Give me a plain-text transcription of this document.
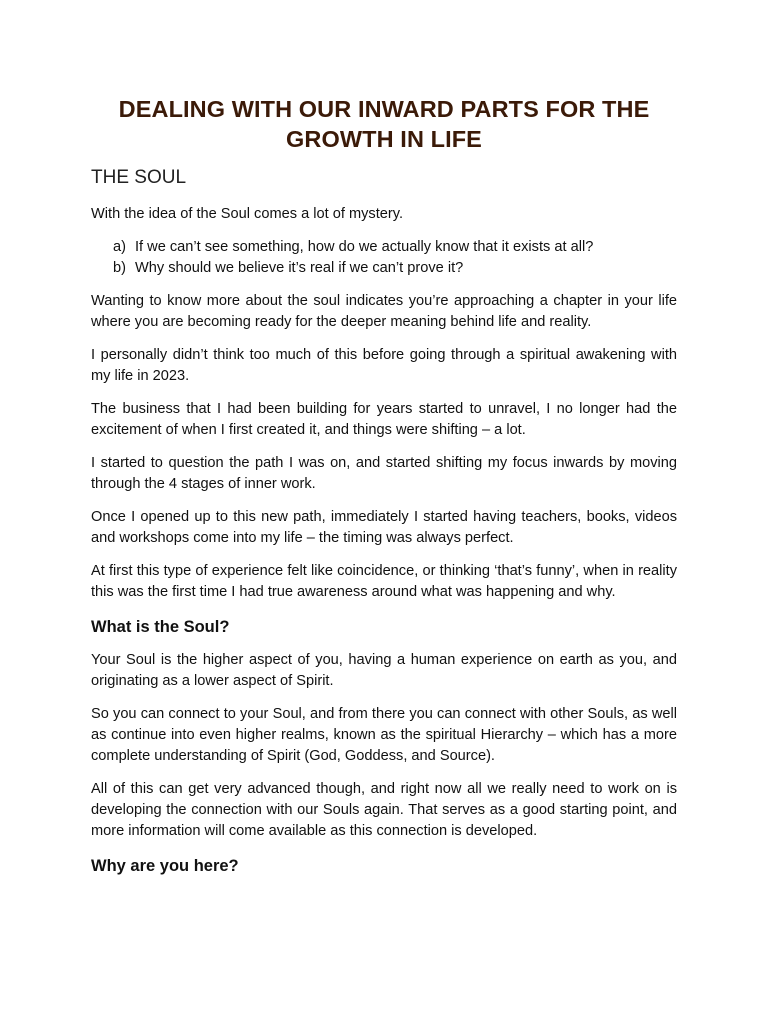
DEALING WITH OUR INWARD PARTS FOR THE GROWTH IN LIFE
THE SOUL

With the idea of the Soul comes a lot of mystery.

a) If we can’t see something, how do we actually know that it exists at all?
b) Why should we believe it’s real if we can’t prove it?

Wanting to know more about the soul indicates you’re approaching a chapter in your life where you are becoming ready for the deeper meaning behind life and reality.

I personally didn’t think too much of this before going through a spiritual awakening with my life in 2023.

The business that I had been building for years started to unravel, I no longer had the excitement of when I first created it, and things were shifting – a lot.

I started to question the path I was on, and started shifting my focus inwards by moving through the 4 stages of inner work.

Once I opened up to this new path, immediately I started having teachers, books, videos and workshops come into my life – the timing was always perfect.

At first this type of experience felt like coincidence, or thinking ‘that’s funny’, when in reality this was the first time I had true awareness around what was happening and why.

What is the Soul?

Your Soul is the higher aspect of you, having a human experience on earth as you, and originating as a lower aspect of Spirit.

So you can connect to your Soul, and from there you can connect with other Souls, as well as continue into even higher realms, known as the spiritual Hierarchy – which has a more complete understanding of Spirit (God, Goddess, and Source).

All of this can get very advanced though, and right now all we really need to work on is developing the connection with our Souls again. That serves as a good starting point, and more information will come available as this connection is developed.

Why are you here?
